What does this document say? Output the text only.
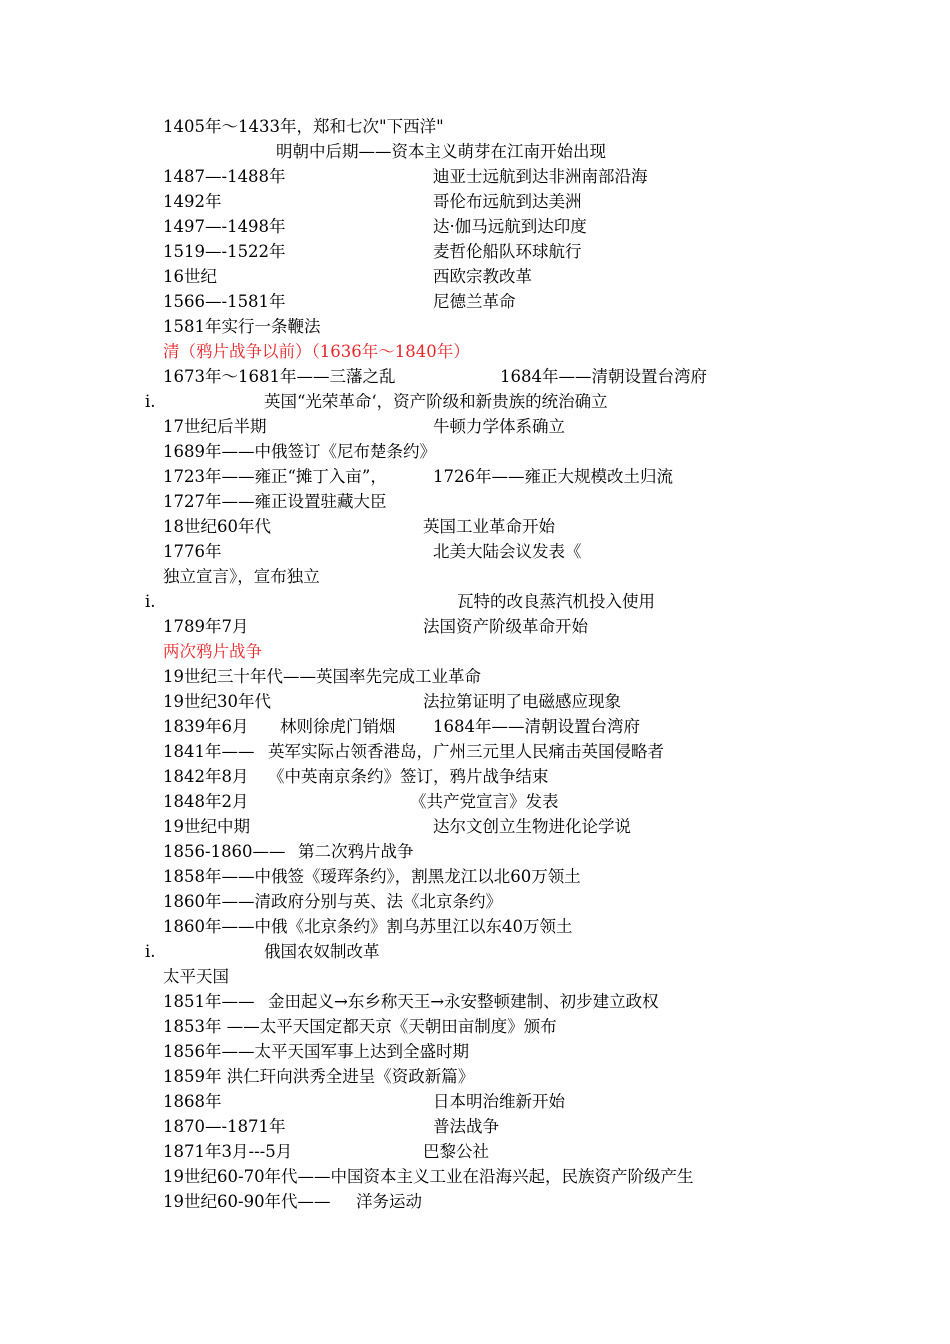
1405年～1433年，郑和七次"下西洋"
明朝中后期——资本主义萌芽在江南开始出现
1487—-1488年	迪亚士远航到达非洲南部沿海
1492年	哥伦布远航到达美洲
1497—-1498年	达·伽马远航到达印度
1519—-1522年	麦哲伦船队环球航行
16世纪	西欧宗教改革
1566—-1581年	尼德兰革命
1581年实行一条鞭法
清（鸦片战争以前）（1636年～1840年）
1673年～1681年——三藩之乱	1684年——清朝设置台湾府
i.	英国“光荣革命‘，资产阶级和新贵族的统治确立
17世纪后半期	牛顿力学体系确立
1689年——中俄签订《尼布楚条约》
1723年——雍正“摊丁入亩”，	1726年——雍正大规模改土归流
1727年——雍正设置驻藏大臣
18世纪60年代	英国工业革命开始
1776年	北美大陆会议发表《
独立宣言》，宣布独立
i.	瓦特的改良蒸汽机投入使用
1789年7月	法国资产阶级革命开始
两次鸦片战争
19世纪三十年代——英国率先完成工业革命
19世纪30年代	法拉第证明了电磁感应现象
1839年6月 林则徐虎门销烟 1684年——清朝设置台湾府
1841年—— 英军实际占领香港岛，广州三元里人民痛击英国侵略者
1842年8月 《中英南京条约》签订，鸦片战争结束
1848年2月	《共产党宣言》发表
19世纪中期	达尔文创立生物进化论学说
1856-1860—— 第二次鸦片战争
1858年——中俄签《瑷珲条约》，割黑龙江以北60万领土
1860年——清政府分别与英、法《北京条约》
1860年——中俄《北京条约》割乌苏里江以东40万领土
i.	俄国农奴制改革
太平天国
1851年—— 金田起义→东乡称天王→永安整顿建制、初步建立政权
1853年 ——太平天国定都天京《天朝田亩制度》颁布
1856年——太平天国军事上达到全盛时期
1859年 洪仁玕向洪秀全进呈《资政新篇》
1868年	日本明治维新开始
1870—-1871年	普法战争
1871年3月---5月	巴黎公社
19世纪60-70年代——中国资本主义工业在沿海兴起，民族资产阶级产生
19世纪60-90年代—— 洋务运动
